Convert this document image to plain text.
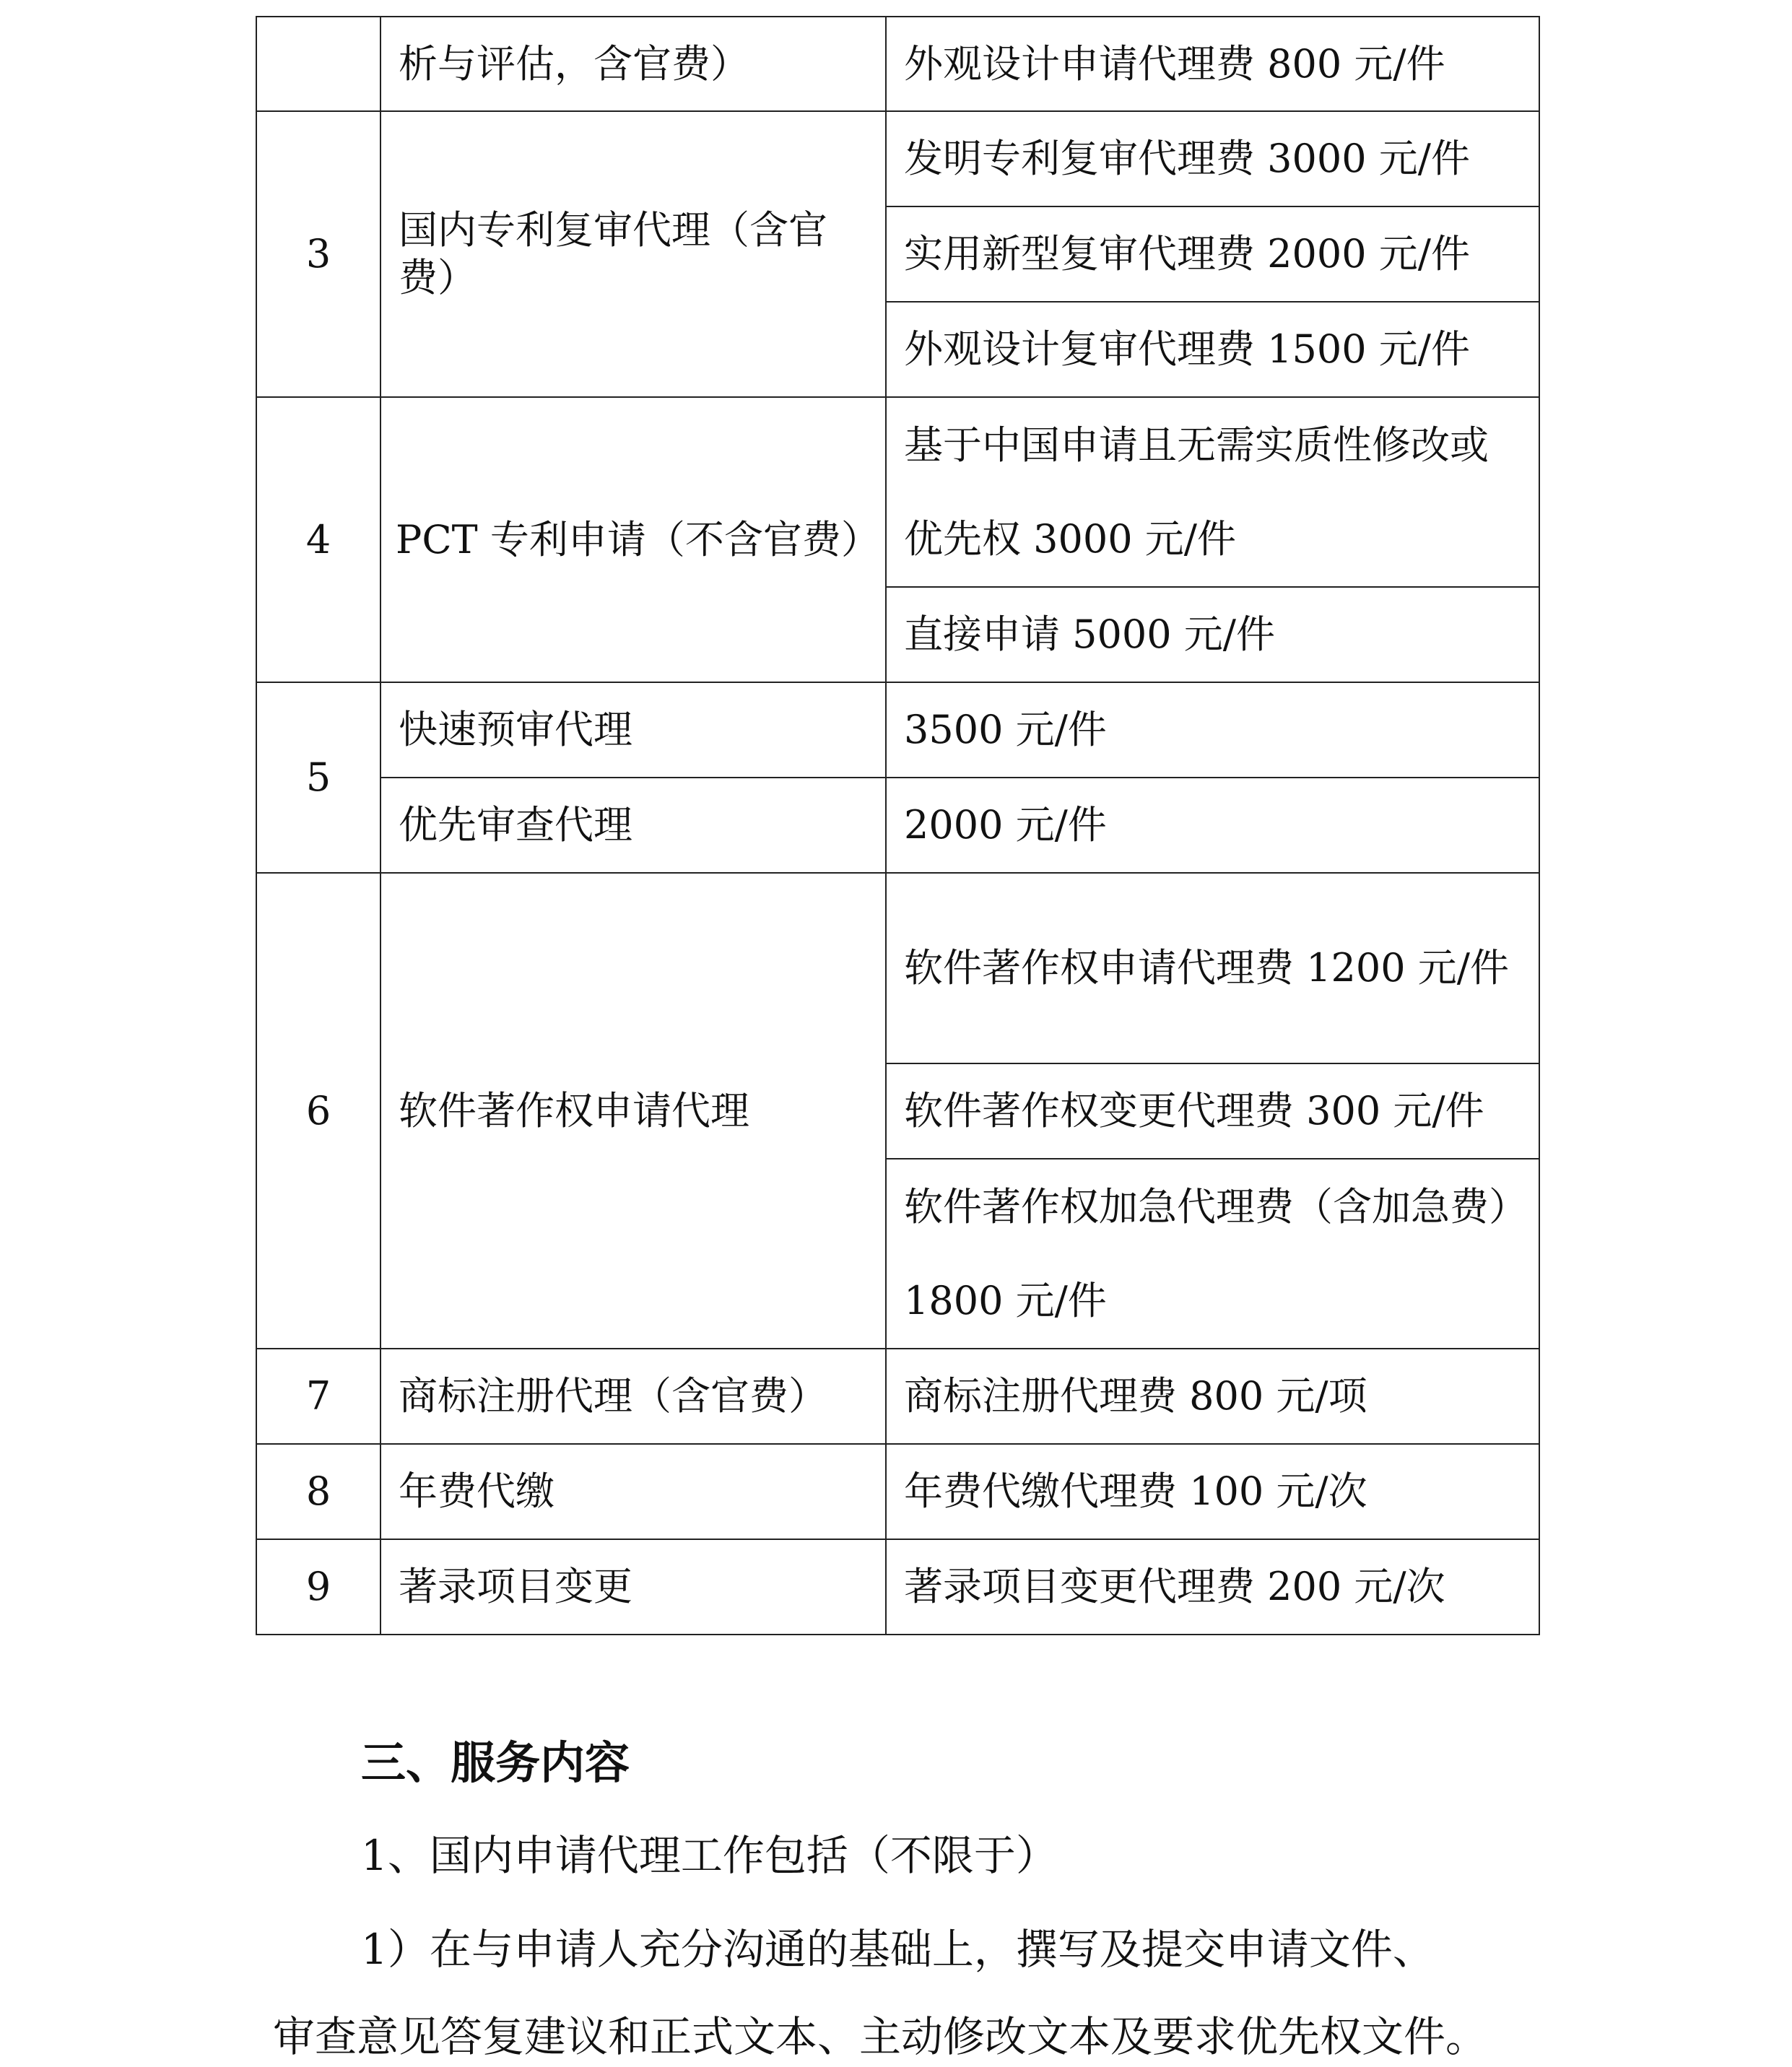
	析与评估，含官费）	外观设计申请代理费 800 元/件
3	国内专利复审代理（含官费）	发明专利复审代理费 3000 元/件
		实用新型复审代理费 2000 元/件
		外观设计复审代理费 1500 元/件
4	PCT 专利申请（不含官费）	基于中国申请且无需实质性修改或优先权 3000 元/件
		直接申请 5000 元/件
5	快速预审代理	3500 元/件
	优先审查代理	2000 元/件
6	软件著作权申请代理	软件著作权申请代理费 1200 元/件
		软件著作权变更代理费 300 元/件
		软件著作权加急代理费（含加急费）1800 元/件
7	商标注册代理（含官费）	商标注册代理费 800 元/项
8	年费代缴	年费代缴代理费 100 元/次
9	著录项目变更	著录项目变更代理费 200 元/次
三、服务内容
1、国内申请代理工作包括（不限于）
1）在与申请人充分沟通的基础上，撰写及提交申请文件、
审查意见答复建议和正式文本、主动修改文本及要求优先权文件。
